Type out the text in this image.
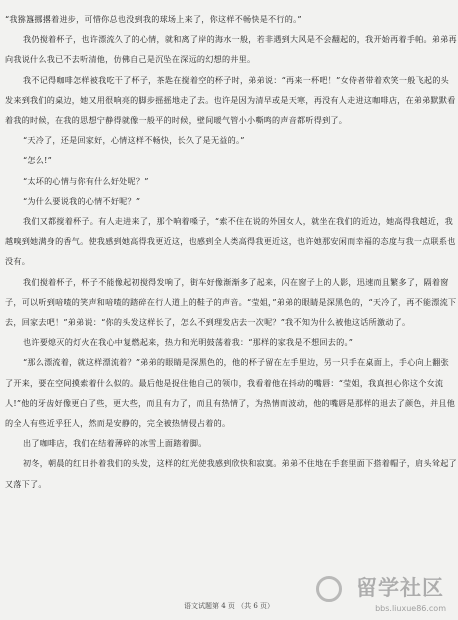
“我猕簋挪撂着进步，可惜你总也没到我的球场上来了，你这样不畅快是不行的。”

我仍搅着杯子，也许漂流久了的心情，就和离了岸的海水一般，若非遇到大风是不会翻起的，我开始再着手帕。弟弟再向我说什么我已不去听清他，仿佛自己是沉坠在深远的幻想的井里。

我不记得咖啡怎样被我吃干了杯子，茶匙在搅着空的杯子时，弟弟说：“再来一杯吧！”女侍者带着欢笑一般飞起的头发来到我们的桌边，她又用很响亮的脚步摇摇地走了去。也许是因为清早或是天寒，再没有人走进这咖啡店，在弟弟默默看着我的时候，在我的思想宁静得就像一般平的时候，壁间暖气管小小嘶鸣的声音都听得到了。

“天冷了，还是回家好，心情这样不畅快，长久了是无益的。”

“怎么!”

“太坏的心情与你有什么好处呢？”

“为什么要说我的心情不好呢？”

我们又都搅着杯子。有人走进来了，那个响着嗓子，“索不住在说的外国女人，就坐在我们的近边，她高得我越近，我越嗅到她满身的香气。使我感到她高得我更近这，也感到全人类高得我更近这，也许她那安闲而幸福的态度与我一点联系也没有。

我们搅着杯子，杯子不能像起初搅得发响了，街车好像渐渐多了起来，闪在窗子上的人影，迅速而且繁多了，隔着窗子，可以听到喑喳的笑声和喑喳的踏碎在行人道上的鞋子的声音。“莹姐，”弟弟的眼睛是深黑色的，“天冷了，再不能漂流下去，回家去吧！”弟弟说：“你的头发这样长了，怎么不到理发店去一次呢？”我不知为什么被他这话所激动了。

也许要熄灭的灯火在我心中复燃起来，热力和光明鼓荡着我：“那样的家我是不想回去的。”

“那么漂流着，就这样漂流着？”弟弟的眼睛是深黑色的，他的杯子留在左手里边，另一只手在桌面上，手心向上翻张了开来，要在空间摸索着什么似的。最后他是捉住他自己的领巾，我看着他在抖动的嘴唇：“莹姐，我真担心你这个女流人!”他的牙齿好像更白了些，更大些，而且有力了，而且有热情了，为热情而波动，他的嘴唇是那样的退去了颜色，并且他的全人有些近乎狂人，然而是安静的，完全被热情侵占着的。

出了咖啡店，我们在结着薄碎的冰雪上面踏着脚。

初冬，朝晨的红日扑着我们的头发，这样的红光使我感到欣快和寂寞。弟弟不住地在手套里面下搭着帽子，肩头耸起了又落下了。

语文试题第 4 页 （共 6 页）
留学社区
bbs.liuxue86.com
